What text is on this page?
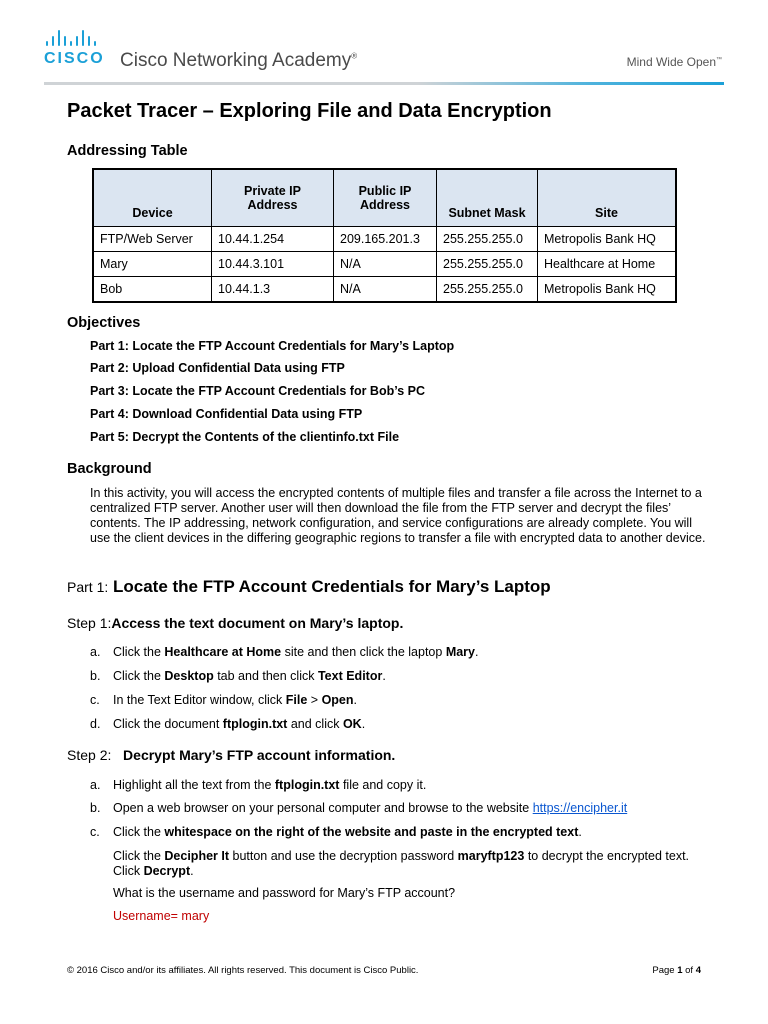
CISCO Cisco Networking Academy®	Mind Wide Open™
Packet Tracer – Exploring File and Data Encryption
Addressing Table
Device	Private IP Address	Public IP Address	Subnet Mask	Site
FTP/Web Server	10.44.1.254	209.165.201.3	255.255.255.0	Metropolis Bank HQ
Mary	10.44.3.101	N/A	255.255.255.0	Healthcare at Home
Bob	10.44.1.3	N/A	255.255.255.0	Metropolis Bank HQ
Objectives
Part 1: Locate the FTP Account Credentials for Mary’s Laptop
Part 2: Upload Confidential Data using FTP
Part 3: Locate the FTP Account Credentials for Bob’s PC
Part 4: Download Confidential Data using FTP
Part 5: Decrypt the Contents of the clientinfo.txt File
Background
In this activity, you will access the encrypted contents of multiple files and transfer a file across the Internet to a centralized FTP server. Another user will then download the file from the FTP server and decrypt the files’ contents. The IP addressing, network configuration, and service configurations are already complete. You will use the client devices in the differing geographic regions to transfer a file with encrypted data to another device.
Part 1: Locate the FTP Account Credentials for Mary’s Laptop
Step 1:Access the text document on Mary’s laptop.
a. Click the Healthcare at Home site and then click the laptop Mary.
b. Click the Desktop tab and then click Text Editor.
c. In the Text Editor window, click File > Open.
d. Click the document ftplogin.txt and click OK.
Step 2: Decrypt Mary’s FTP account information.
a. Highlight all the text from the ftplogin.txt file and copy it.
b. Open a web browser on your personal computer and browse to the website https://encipher.it
c. Click the whitespace on the right of the website and paste in the encrypted text.
Click the Decipher It button and use the decryption password maryftp123 to decrypt the encrypted text. Click Decrypt.
What is the username and password for Mary’s FTP account?
Username= mary
© 2016 Cisco and/or its affiliates. All rights reserved. This document is Cisco Public.	Page 1 of 4
